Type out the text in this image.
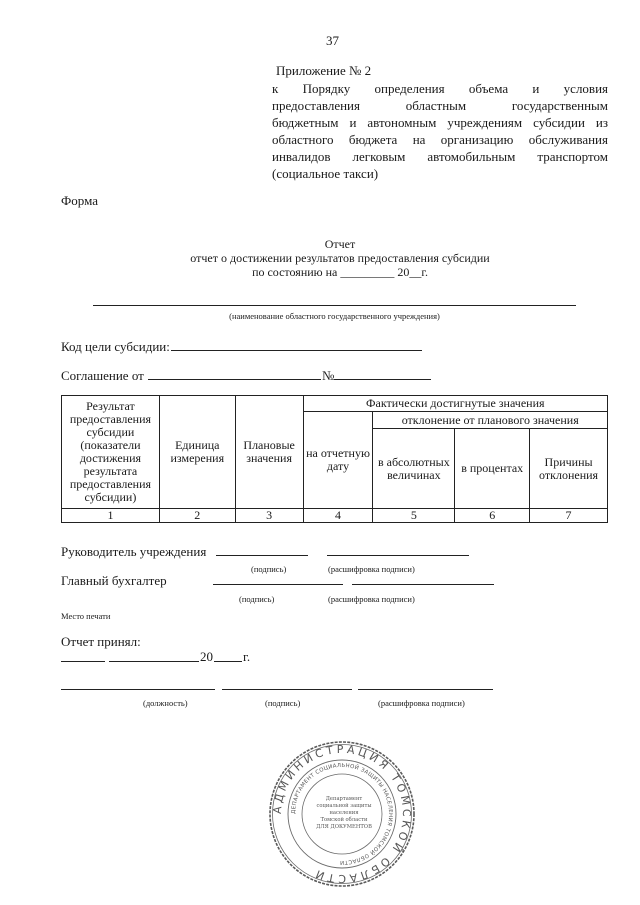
37
Приложение № 2
к Порядку определения объема и условия
предоставления областным государственным
бюджетным и автономным учреждениям субсидии из
областного бюджета на организацию обслуживания
инвалидов легковым автомобильным транспортом
(социальное такси)
Форма
Отчет
отчет о достижении результатов предоставления субсидии
по состоянию на _________ 20__г.
(наименование областного государственного учреждения)
Код цели субсидии:
Соглашение от	№
Результат предоставления субсидии (показатели достижения результата предоставления субсидии)	Единица измерения	Плановые значения	Фактически достигнутые значения			
			на отчетную дату	отклонение от планового значения		
				в абсолютных величинах	в процентах	Причины отклонения
1	2	3	4	5	6	7
Руководитель учреждения
(подпись)	(расшифровка подписи)
Главный бухгалтер
(подпись)	(расшифровка подписи)
Место печати
Отчет принял:
20 г.
(должность)	(подпись)	(расшифровка подписи)
АДМИНИСТРАЦИЯ ТОМСКОЙ ОБЛАСТИ
ДЕПАРТАМЕНТ СОЦИАЛЬНОЙ ЗАЩИТЫ НАСЕЛЕНИЯ ТОМСКОЙ ОБЛАСТИ
Департамент
социальной защиты
населения
Томской области
ДЛЯ ДОКУМЕНТОВ
